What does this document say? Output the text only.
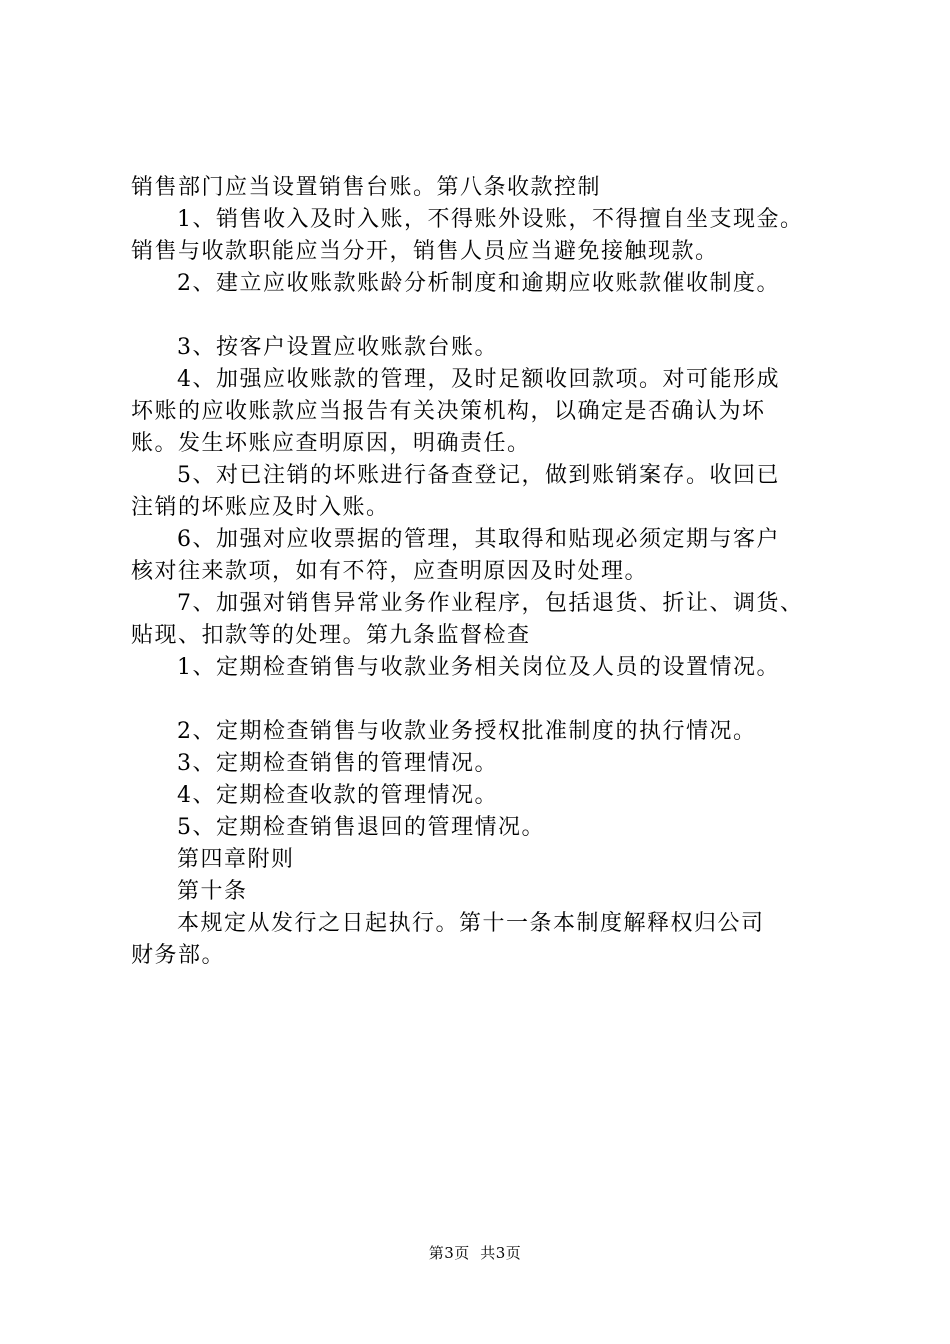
销售部门应当设置销售台账。第八条收款控制
1、销售收入及时入账，不得账外设账，不得擅自坐支现金。
销售与收款职能应当分开，销售人员应当避免接触现款。
2、建立应收账款账龄分析制度和逾期应收账款催收制度。
3、按客户设置应收账款台账。
4、加强应收账款的管理，及时足额收回款项。对可能形成
坏账的应收账款应当报告有关决策机构，以确定是否确认为坏
账。发生坏账应查明原因，明确责任。
5、对已注销的坏账进行备查登记，做到账销案存。收回已
注销的坏账应及时入账。
6、加强对应收票据的管理，其取得和贴现必须定期与客户
核对往来款项，如有不符，应查明原因及时处理。
7、加强对销售异常业务作业程序，包括退货、折让、调货、
贴现、扣款等的处理。第九条监督检查
1、定期检查销售与收款业务相关岗位及人员的设置情况。
2、定期检查销售与收款业务授权批准制度的执行情况。
3、定期检查销售的管理情况。
4、定期检查收款的管理情况。
5、定期检查销售退回的管理情况。
第四章附则
第十条
本规定从发行之日起执行。第十一条本制度解释权归公司
财务部。
第3页  共3页
